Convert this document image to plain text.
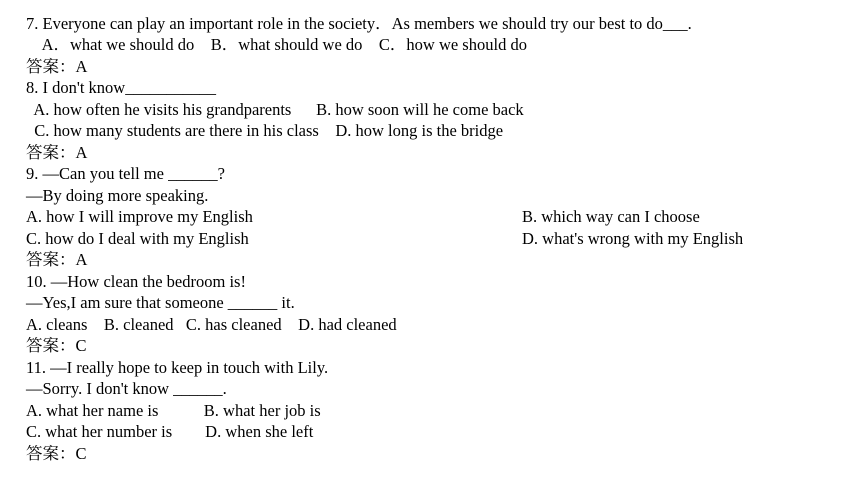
7. Everyone can play an important role in the society．As members we should try our best to do___.
A．what we should do    B．what should we do    C．how we should do
答案：A
8. I don't know___________
A. how often he visits his grandparents      B. how soon will he come back
C. how many students are there in his class    D. how long is the bridge
答案：A
9. —Can you tell me ______?
—By doing more speaking.
A. how I will improve my English	B. which way can I choose
C. how do I deal with my English	D. what's wrong with my English
答案：A
10. —How clean the bedroom is!
—Yes,I am sure that someone ______ it.
A. cleans    B. cleaned   C. has cleaned    D. had cleaned
答案：C
11. —I really hope to keep in touch with Lily.
—Sorry. I don't know ______.
A. what her name is           B. what her job is
C. what her number is        D. when she left
答案：C
